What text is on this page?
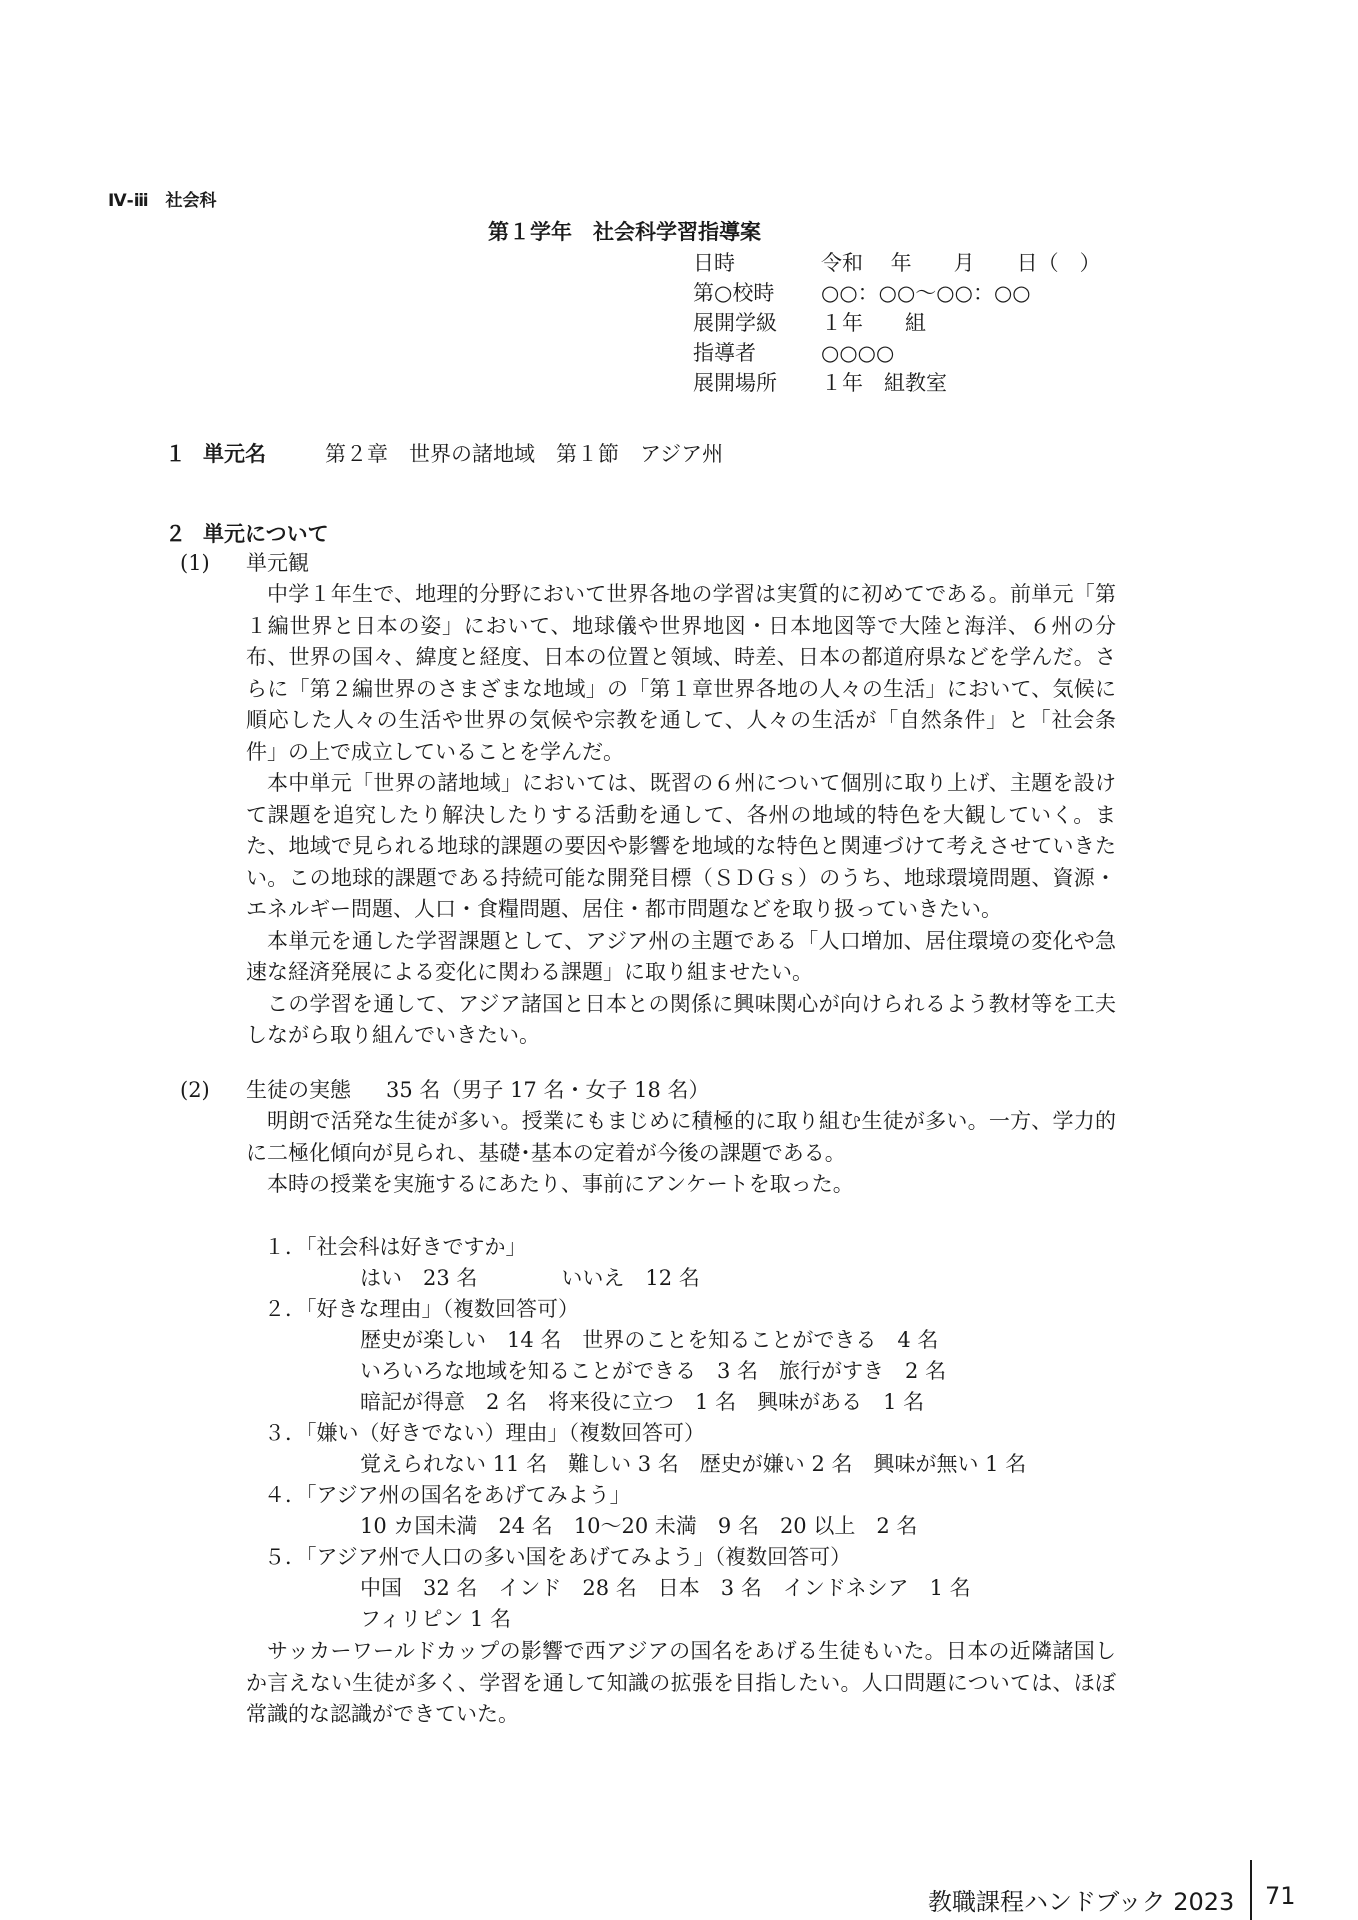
Ⅳ-ⅲ　社会科
第１学年　社会科学習指導案
日時	令和　 年　　月　　日（　）
第○校時 ○○：○○～○○：○○
展開学級 １年　　組
指導者	○○○○
展開場所 １年　組教室
１ 単元名	第２章　世界の諸地域　第１節　アジア州
２ 単元について
(1) 単元観

中学１年生で、地理的分野において世界各地の学習は実質的に初めてである。前単元「第１編世界と日本の姿」において、地球儀や世界地図・日本地図等で大陸と海洋、６州の分布、世界の国々、緯度と経度、日本の位置と領域、時差、日本の都道府県などを学んだ。さらに「第２編世界のさまざまな地域」の「第１章世界各地の人々の生活」において、気候に順応した人々の生活や世界の気候や宗教を通して、人々の生活が「自然条件」と「社会条件」の上で成立していることを学んだ。

本中単元「世界の諸地域」においては、既習の６州について個別に取り上げ、主題を設けて課題を追究したり解決したりする活動を通して、各州の地域的特色を大観していく。また、地域で見られる地球的課題の要因や影響を地域的な特色と関連づけて考えさせていきたい。この地球的課題である持続可能な開発目標（ＳＤＧｓ）のうち、地球環境問題、資源・エネルギー問題、人口・食糧問題、居住・都市問題などを取り扱っていきたい。

本単元を通した学習課題として、アジア州の主題である「人口増加、居住環境の変化や急速な経済発展による変化に関わる課題」に取り組ませたい。

この学習を通して、アジア諸国と日本との関係に興味関心が向けられるよう教材等を工夫しながら取り組んでいきたい。

(2) 生徒の実態 35 名（男子 17 名・女子 18 名）

明朗で活発な生徒が多い。授業にもまじめに積極的に取り組む生徒が多い。一方、学力的に二極化傾向が見られ、基礎･基本の定着が今後の課題である。

本時の授業を実施するにあたり、事前にアンケートを取った。

１．「社会科は好きですか」
はい　23 名　　　　いいえ　12 名
２．「好きな理由」（複数回答可）
歴史が楽しい　14 名　世界のことを知ることができる　4 名
いろいろな地域を知ることができる　3 名　旅行がすき　2 名
暗記が得意　2 名　将来役に立つ　1 名　興味がある　1 名
３．「嫌い（好きでない）理由」（複数回答可）
覚えられない 11 名　難しい 3 名　歴史が嫌い 2 名　興味が無い 1 名
４．「アジア州の国名をあげてみよう」
10 カ国未満　24 名　10～20 未満　9 名　20 以上　2 名
５．「アジア州で人口の多い国をあげてみよう」（複数回答可）
中国　32 名　インド　28 名　日本　3 名　インドネシア　1 名
フィリピン 1 名

サッカーワールドカップの影響で西アジアの国名をあげる生徒もいた。日本の近隣諸国しか言えない生徒が多く、学習を通して知識の拡張を目指したい。人口問題については、ほぼ常識的な認識ができていた。

教職課程ハンドブック 2023 71
